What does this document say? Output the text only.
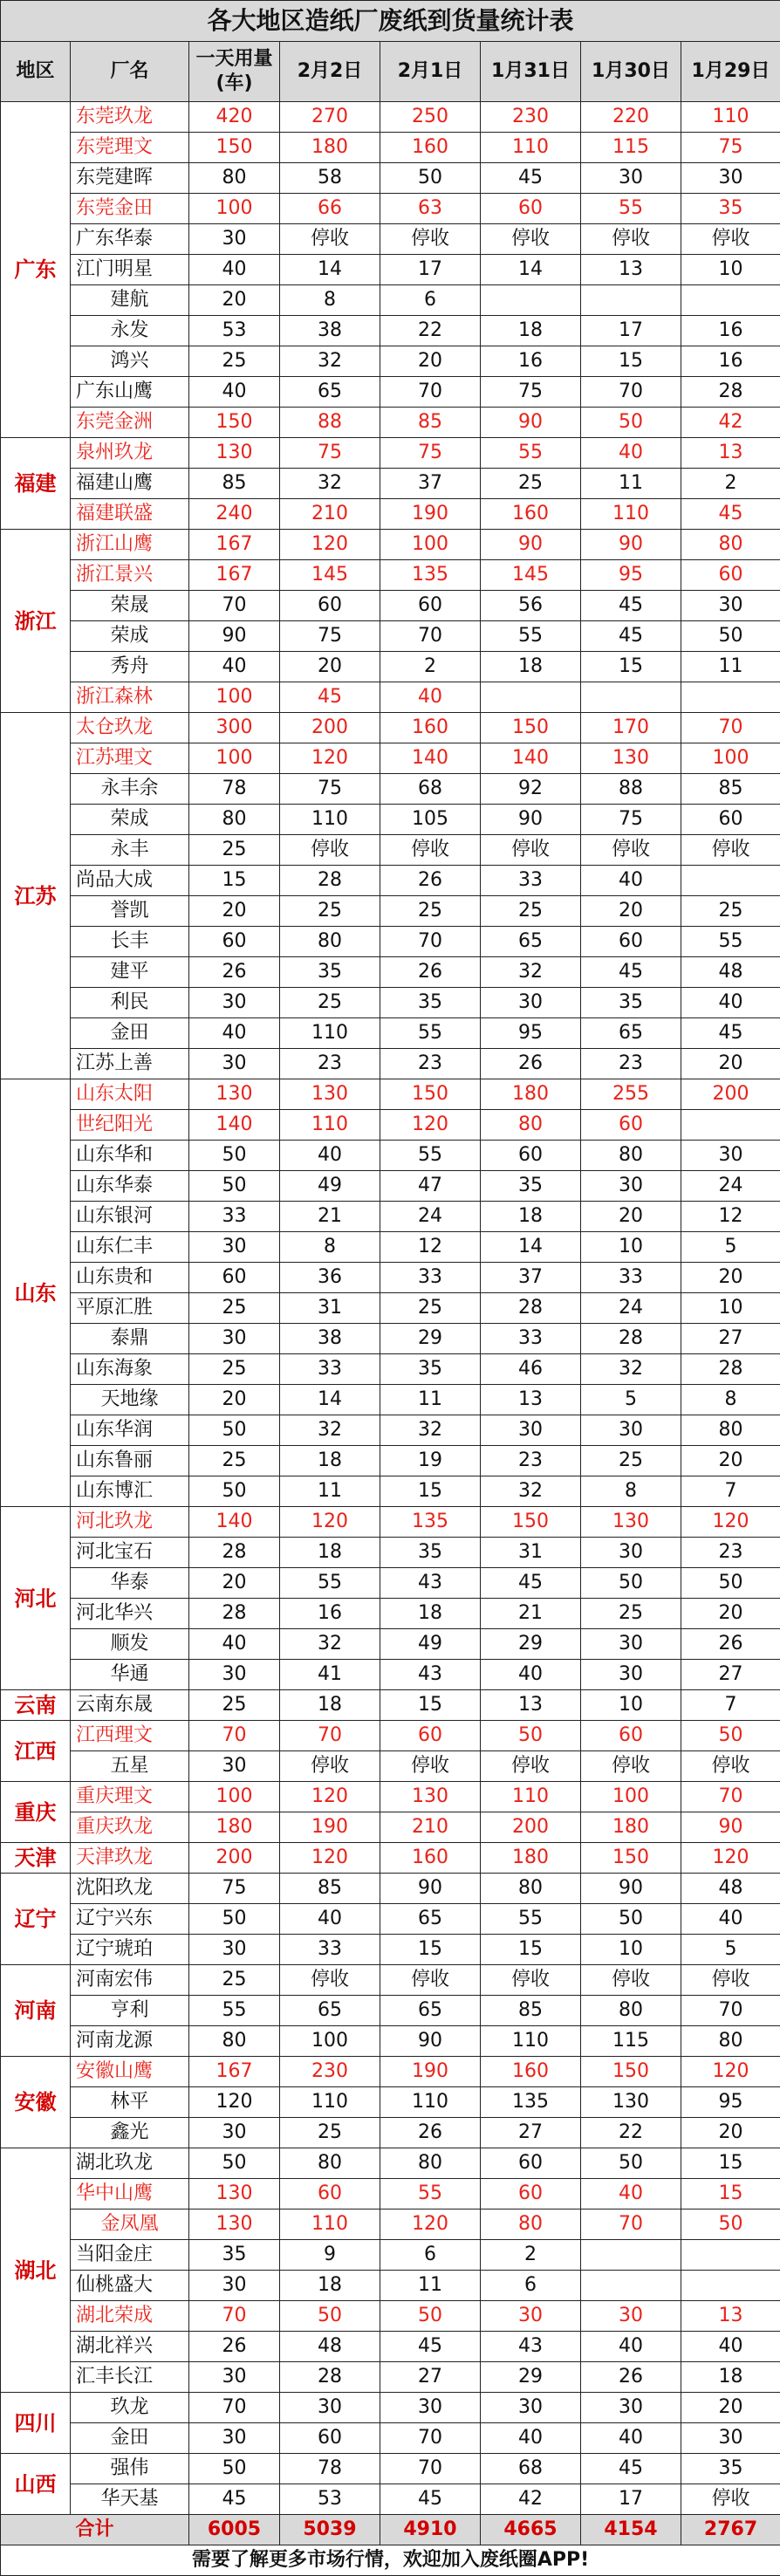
各大地区造纸厂废纸到货量统计表							
地区	厂名	一天用量
(车)	2月2日	2月1日	1月31日	1月30日	1月29日
广东	东莞玖龙	420	270	250	230	220	110
	东莞理文	150	180	160	110	115	75
	东莞建晖	80	58	50	45	30	30
	东莞金田	100	66	63	60	55	35
	广东华泰	30	停收	停收	停收	停收	停收
	江门明星	40	14	17	14	13	10
	建航	20	8	6			
	永发	53	38	22	18	17	16
	鸿兴	25	32	20	16	15	16
	广东山鹰	40	65	70	75	70	28
	东莞金洲	150	88	85	90	50	42
福建	泉州玖龙	130	75	75	55	40	13
	福建山鹰	85	32	37	25	11	2
	福建联盛	240	210	190	160	110	45
浙江	浙江山鹰	167	120	100	90	90	80
	浙江景兴	167	145	135	145	95	60
	荣晟	70	60	60	56	45	30
	荣成	90	75	70	55	45	50
	秀舟	40	20	2	18	15	11
	浙江森林	100	45	40			
江苏	太仓玖龙	300	200	160	150	170	70
	江苏理文	100	120	140	140	130	100
	永丰余	78	75	68	92	88	85
	荣成	80	110	105	90	75	60
	永丰	25	停收	停收	停收	停收	停收
	尚品大成	15	28	26	33	40	
	誉凯	20	25	25	25	20	25
	长丰	60	80	70	65	60	55
	建平	26	35	26	32	45	48
	利民	30	25	35	30	35	40
	金田	40	110	55	95	65	45
	江苏上善	30	23	23	26	23	20
山东	山东太阳	130	130	150	180	255	200
	世纪阳光	140	110	120	80	60	
	山东华和	50	40	55	60	80	30
	山东华泰	50	49	47	35	30	24
	山东银河	33	21	24	18	20	12
	山东仁丰	30	8	12	14	10	5
	山东贵和	60	36	33	37	33	20
	平原汇胜	25	31	25	28	24	10
	泰鼎	30	38	29	33	28	27
	山东海象	25	33	35	46	32	28
	天地缘	20	14	11	13	5	8
	山东华润	50	32	32	30	30	80
	山东鲁丽	25	18	19	23	25	20
	山东博汇	50	11	15	32	8	7
河北	河北玖龙	140	120	135	150	130	120
	河北宝石	28	18	35	31	30	23
	华泰	20	55	43	45	50	50
	河北华兴	28	16	18	21	25	20
	顺发	40	32	49	29	30	26
	华通	30	41	43	40	30	27
云南	云南东晟	25	18	15	13	10	7
江西	江西理文	70	70	60	50	60	50
	五星	30	停收	停收	停收	停收	停收
重庆	重庆理文	100	120	130	110	100	70
	重庆玖龙	180	190	210	200	180	90
天津	天津玖龙	200	120	160	180	150	120
辽宁	沈阳玖龙	75	85	90	80	90	48
	辽宁兴东	50	40	65	55	50	40
	辽宁琥珀	30	33	15	15	10	5
河南	河南宏伟	25	停收	停收	停收	停收	停收
	亨利	55	65	65	85	80	70
	河南龙源	80	100	90	110	115	80
安徽	安徽山鹰	167	230	190	160	150	120
	林平	120	110	110	135	130	95
	鑫光	30	25	26	27	22	20
湖北	湖北玖龙	50	80	80	60	50	15
	华中山鹰	130	60	55	60	40	15
	金凤凰	130	110	120	80	70	50
	当阳金庄	35	9	6	2		
	仙桃盛大	30	18	11	6		
	湖北荣成	70	50	50	30	30	13
	湖北祥兴	26	48	45	43	40	40
	汇丰长江	30	28	27	29	26	18
四川	玖龙	70	30	30	30	30	20
	金田	30	60	70	40	40	30
山西	强伟	50	78	70	68	45	35
	华天基	45	53	45	42	17	停收
合计		6005	5039	4910	4665	4154	2767
需要了解更多市场行情，欢迎加入废纸圈APP!							
